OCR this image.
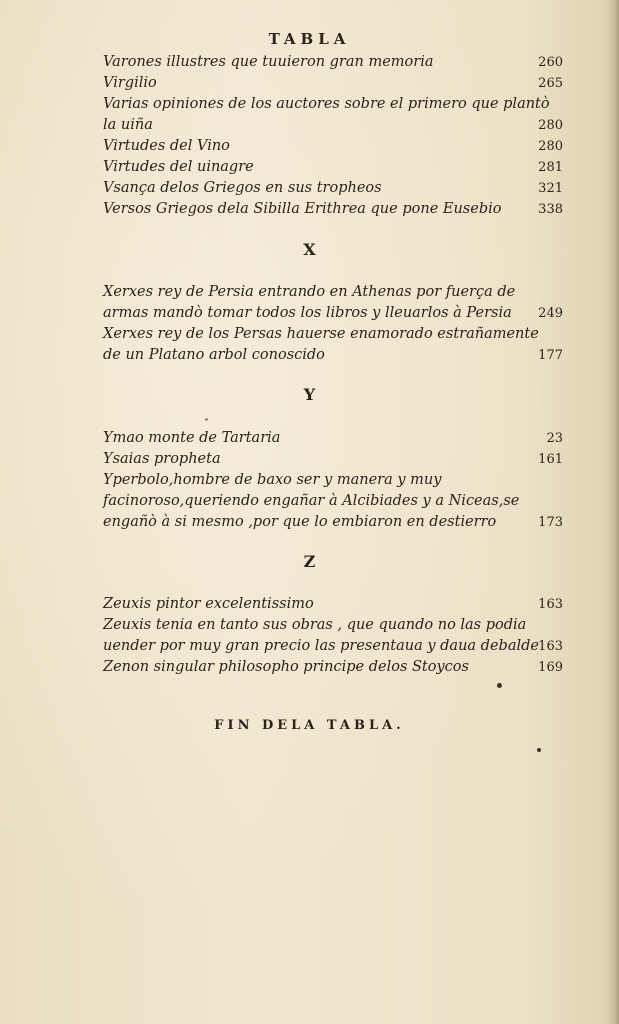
TABLA
Varones illustres que tuuieron gran memoria	260
Virgilio	265
Varias opiniones de los auctores sobre el primero que plantò la uiña	280
Virtudes del Vino	280
Virtudes del uinagre	281
Vsança delos Griegos en sus tropheos	321
Versos Griegos dela Sibilla Erithrea que pone Eusebio	338
X
Xerxes rey de Persia entrando en Athenas por fuerça de armas mandò tomar todos los libros y lleuarlos à Persia	249
Xerxes rey de los Persas hauerse enamorado estrañamente de un Platano arbol conoscido	177
Y
Ymao monte de Tartaria	23
Ysaias propheta	161
Yperbolo,hombre de baxo ser y manera y muy facinoroso,queriendo engañar à Alcibiades y a Niceas,se engañò à si mesmo ,por que lo embiaron en destierro	173
Z
Zeuxis pintor excelentissimo	163
Zeuxis tenia en tanto sus obras , que quando no las podia uender por muy gran precio las presentaua y daua debalde 163
Zenon singular philosopho principe delos Stoycos	169
FIN DELA TABLA.
